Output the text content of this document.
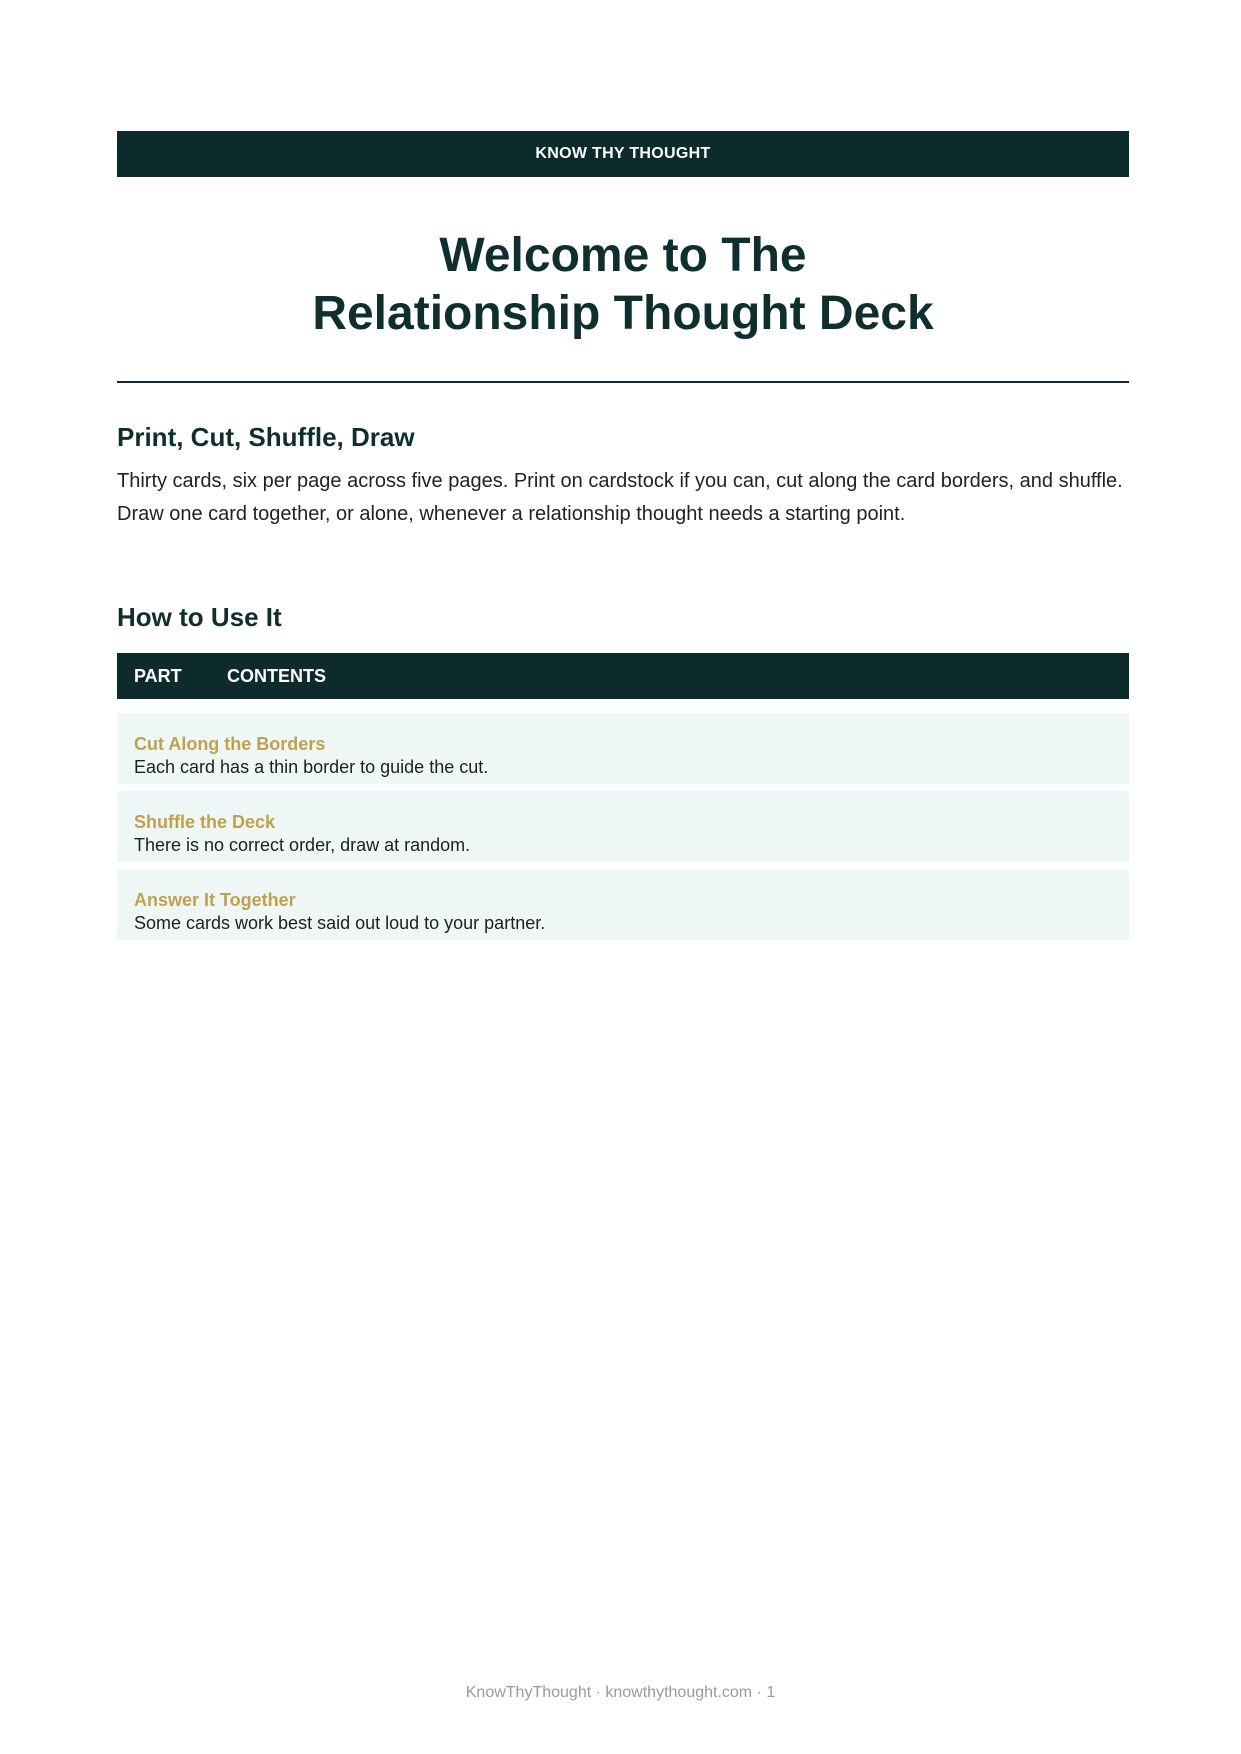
KNOW THY THOUGHT
Welcome to The
Relationship Thought Deck
Print, Cut, Shuffle, Draw

Thirty cards, six per page across five pages. Print on cardstock if you can, cut along the card borders, and shuffle. Draw one card together, or alone, whenever a relationship thought needs a starting point.

How to Use It
PART	CONTENTS
Cut Along the Borders
Each card has a thin border to guide the cut.
Shuffle the Deck
There is no correct order, draw at random.
Answer It Together
Some cards work best said out loud to your partner.
KnowThyThought · knowthythought.com · 1
